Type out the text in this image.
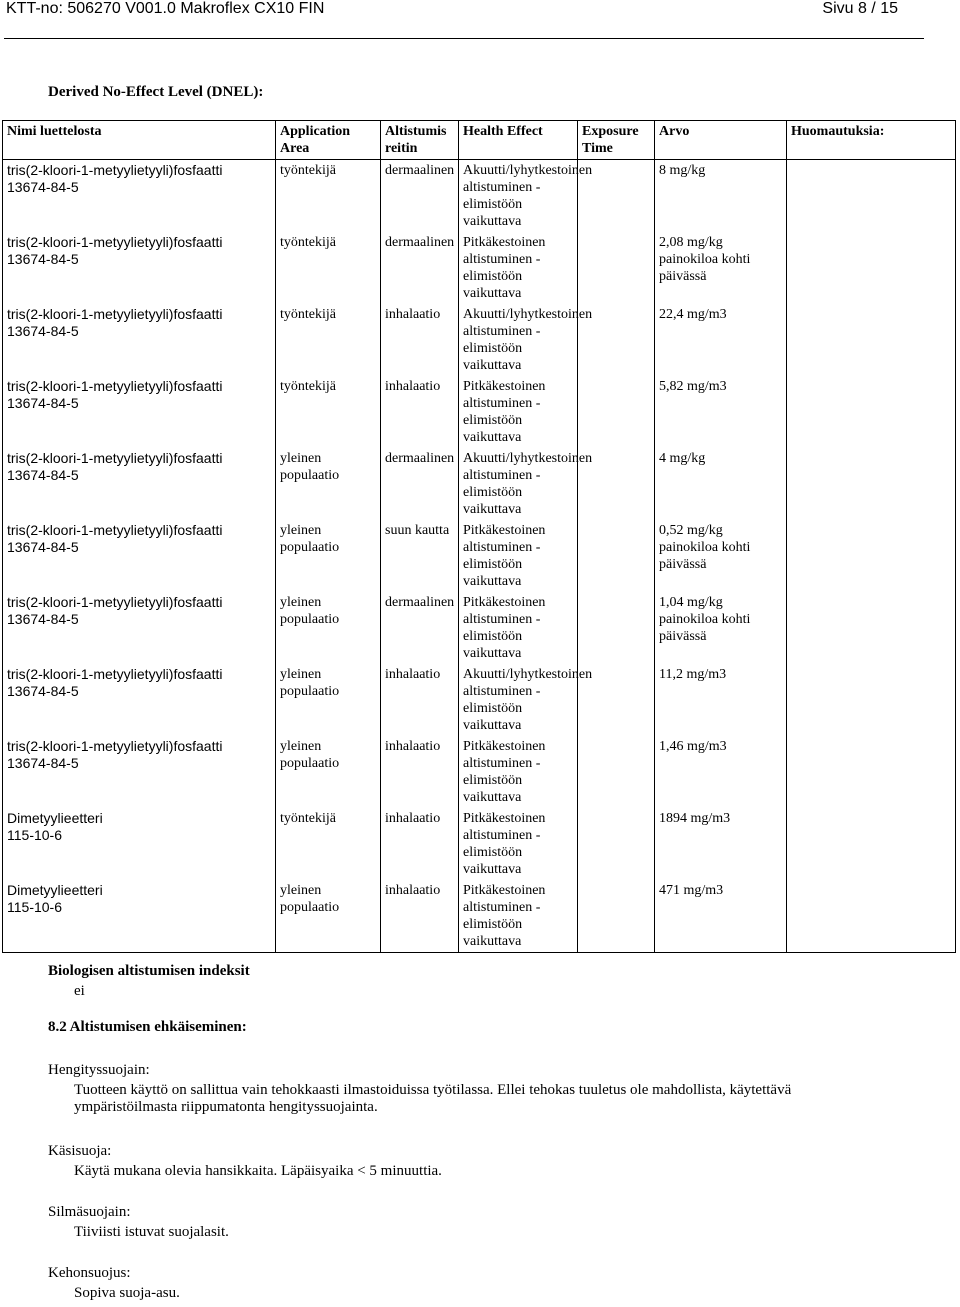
KTT-no: 506270 V001.0 Makroflex CX10 FIN	Sivu 8 / 15
Derived No-Effect Level (DNEL):
Nimi luettelosta	Application Area	Altistumis reitin	Health Effect	Exposure Time	Arvo	Huomautuksia:

tris(2-kloori-1-metyylietyyli)fosfaatti
13674-84-5	työntekijä	dermaalinen	Akuutti/lyhytkestoinen altistuminen - elimistöön vaikuttava		8 mg/kg	

tris(2-kloori-1-metyylietyyli)fosfaatti
13674-84-5	työntekijä	dermaalinen	Pitkäkestoinen altistuminen - elimistöön vaikuttava		2,08 mg/kg painokiloa kohti päivässä	

tris(2-kloori-1-metyylietyyli)fosfaatti
13674-84-5	työntekijä	inhalaatio	Akuutti/lyhytkestoinen altistuminen - elimistöön vaikuttava		22,4 mg/m3	

tris(2-kloori-1-metyylietyyli)fosfaatti
13674-84-5	työntekijä	inhalaatio	Pitkäkestoinen altistuminen - elimistöön vaikuttava		5,82 mg/m3	

tris(2-kloori-1-metyylietyyli)fosfaatti
13674-84-5	yleinen populaatio	dermaalinen	Akuutti/lyhytkestoinen altistuminen - elimistöön vaikuttava		4 mg/kg	

tris(2-kloori-1-metyylietyyli)fosfaatti
13674-84-5	yleinen populaatio	suun kautta	Pitkäkestoinen altistuminen - elimistöön vaikuttava		0,52 mg/kg painokiloa kohti päivässä	

tris(2-kloori-1-metyylietyyli)fosfaatti
13674-84-5	yleinen populaatio	dermaalinen	Pitkäkestoinen altistuminen - elimistöön vaikuttava		1,04 mg/kg painokiloa kohti päivässä	

tris(2-kloori-1-metyylietyyli)fosfaatti
13674-84-5	yleinen populaatio	inhalaatio	Akuutti/lyhytkestoinen altistuminen - elimistöön vaikuttava		11,2 mg/m3	

tris(2-kloori-1-metyylietyyli)fosfaatti
13674-84-5	yleinen populaatio	inhalaatio	Pitkäkestoinen altistuminen - elimistöön vaikuttava		1,46 mg/m3	

Dimetyylieetteri
115-10-6	työntekijä	inhalaatio	Pitkäkestoinen altistuminen - elimistöön vaikuttava		1894 mg/m3	

Dimetyylieetteri
115-10-6	yleinen populaatio	inhalaatio	Pitkäkestoinen altistuminen - elimistöön vaikuttava		471 mg/m3	
Biologisen altistumisen indeksit
ei
8.2 Altistumisen ehkäiseminen:
Hengityssuojain:
Tuotteen käyttö on sallittua vain tehokkaasti ilmastoiduissa työtilassa. Ellei tehokas tuuletus ole mahdollista, käytettävä ympäristöilmasta riippumatonta hengityssuojainta.
Käsisuoja:
Käytä mukana olevia hansikkaita. Läpäisyaika < 5 minuuttia.
Silmäsuojain:
Tiiviisti istuvat suojalasit.
Kehonsuojus:
Sopiva suoja-asu.
